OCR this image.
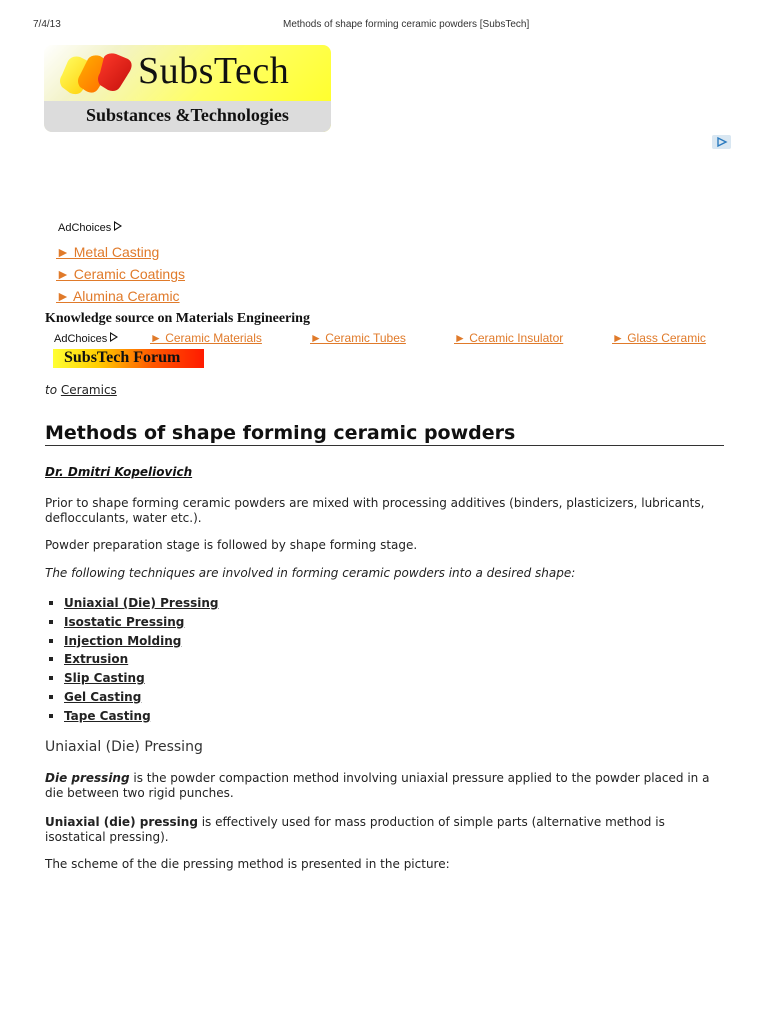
7/4/13	Methods of shape forming ceramic powders [SubsTech]
SubsTech
Substances &Technologies
AdChoices
► Metal Casting
► Ceramic Coatings
► Alumina Ceramic
Knowledge source on Materials Engineering
AdChoices	► Ceramic Materials	► Ceramic Tubes	► Ceramic Insulator	► Glass Ceramic
SubsTech Forum
to Ceramics
Methods of shape forming ceramic powders
Dr. Dmitri Kopeliovich
Prior to shape forming ceramic powders are mixed with processing additives (binders, plasticizers, lubricants, deflocculants, water etc.).
Powder preparation stage is followed by shape forming stage.
The following techniques are involved in forming ceramic powders into a desired shape:
Uniaxial (Die) Pressing
Isostatic Pressing
Injection Molding
Extrusion
Slip Casting
Gel Casting
Tape Casting
Uniaxial (Die) Pressing
Die pressing is the powder compaction method involving uniaxial pressure applied to the powder placed in a die between two rigid punches.
Uniaxial (die) pressing is effectively used for mass production of simple parts (alternative method is isostatical pressing).
The scheme of the die pressing method is presented in the picture:
